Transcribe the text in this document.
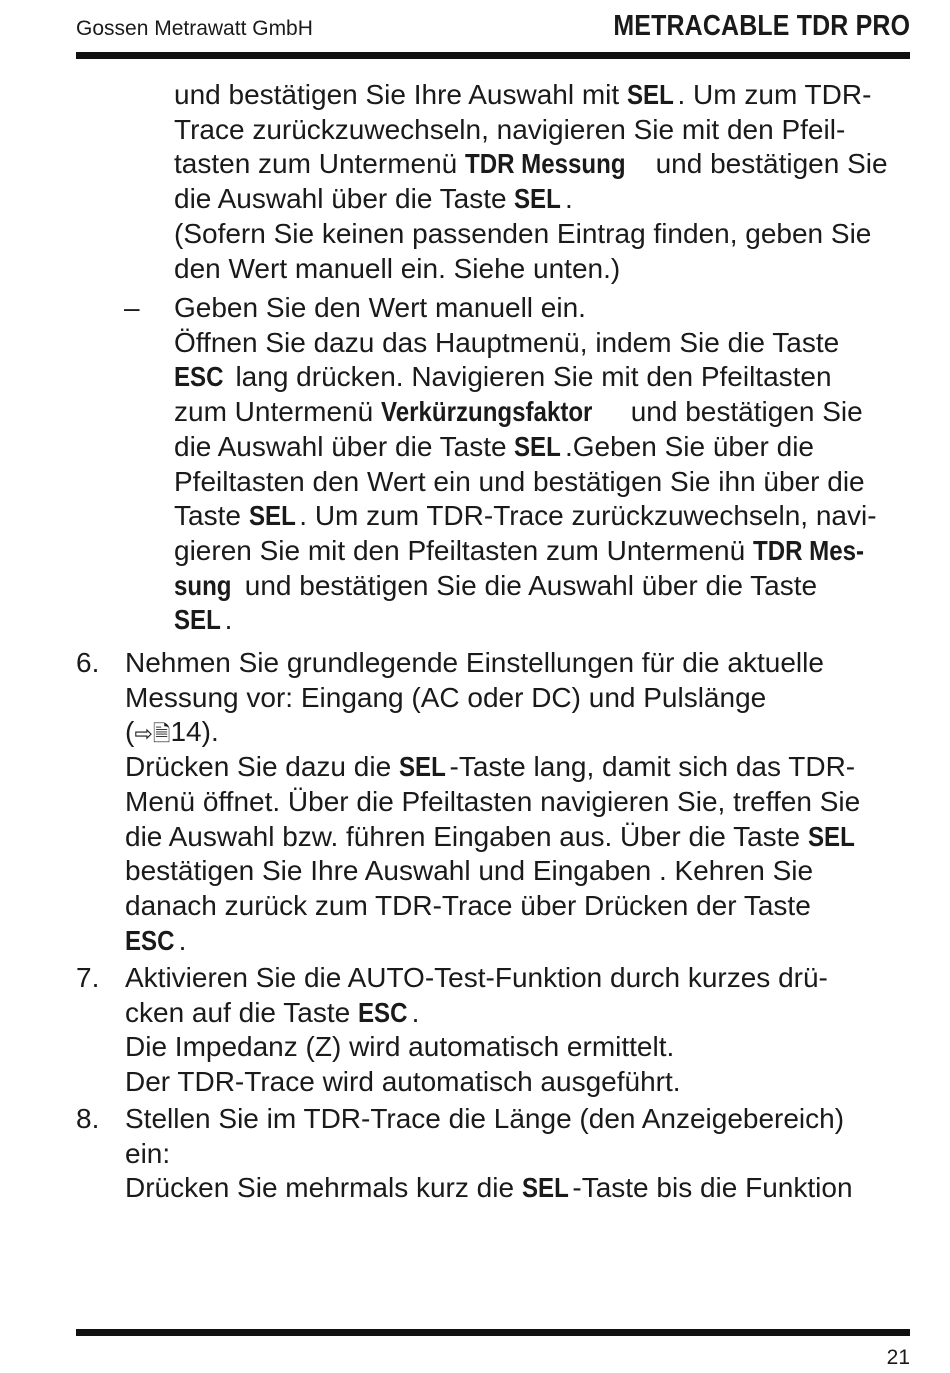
Gossen Metrawatt GmbH	METRACABLE TDR PRO
und bestätigen Sie Ihre Auswahl mit SEL . Um zum TDR-
Trace zurückzuwechseln, navigieren Sie mit den Pfeil-
tasten zum Untermenü TDR Messung und bestätigen Sie
die Auswahl über die Taste SEL .
(Sofern Sie keinen passenden Eintrag finden, geben Sie
den Wert manuell ein. Siehe unten.)
– Geben Sie den Wert manuell ein.
Öffnen Sie dazu das Hauptmenü, indem Sie die Taste
ESC lang drücken. Navigieren Sie mit den Pfeiltasten
zum Untermenü Verkürzungsfaktor und bestätigen Sie
die Auswahl über die Taste SEL .Geben Sie über die
Pfeiltasten den Wert ein und bestätigen Sie ihn über die
Taste SEL . Um zum TDR-Trace zurückzuwechseln, navi-
gieren Sie mit den Pfeiltasten zum Untermenü TDR Mes-
sung und bestätigen Sie die Auswahl über die Taste
SEL .
6. Nehmen Sie grundlegende Einstellungen für die aktuelle
Messung vor: Eingang (AC oder DC) und Pulslänge
(⇨🗎14).
Drücken Sie dazu die SEL -Taste lang, damit sich das TDR-
Menü öffnet. Über die Pfeiltasten navigieren Sie, treffen Sie
die Auswahl bzw. führen Eingaben aus. Über die Taste SEL
bestätigen Sie Ihre Auswahl und Eingaben . Kehren Sie
danach zurück zum TDR-Trace über Drücken der Taste
ESC .
7. Aktivieren Sie die AUTO-Test-Funktion durch kurzes drü-
cken auf die Taste ESC .
Die Impedanz (Z) wird automatisch ermittelt.
Der TDR-Trace wird automatisch ausgeführt.
8. Stellen Sie im TDR-Trace die Länge (den Anzeigebereich)
ein:
Drücken Sie mehrmals kurz die SEL -Taste bis die Funktion
21
